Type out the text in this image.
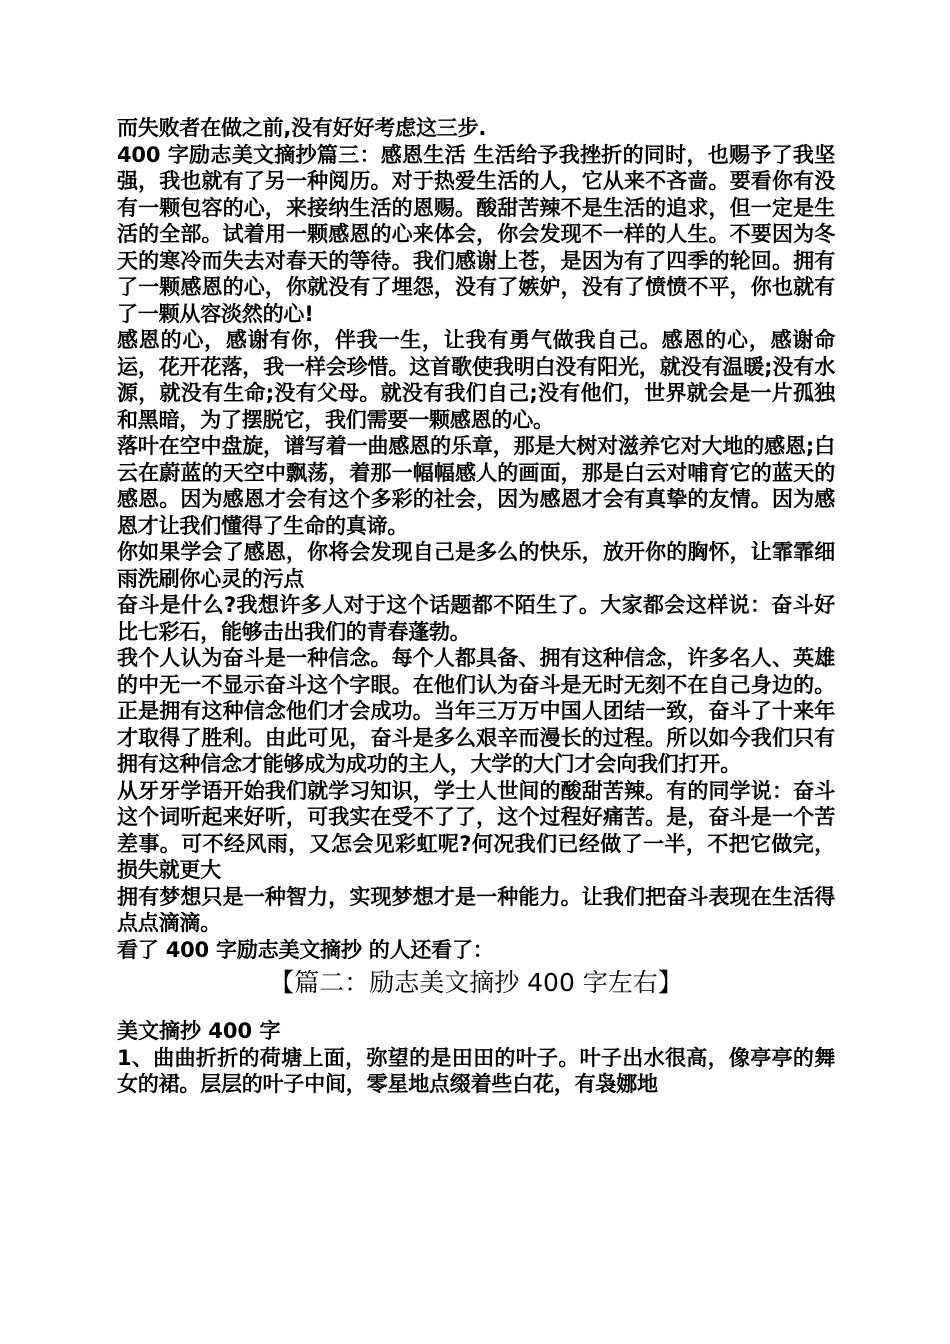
而失败者在做之前,没有好好考虑这三步.

400 字励志美文摘抄篇三：感恩生活 生活给予我挫折的同时，也赐予了我坚强，我也就有了另一种阅历。对于热爱生活的人，它从来不吝啬。要看你有没有一颗包容的心，来接纳生活的恩赐。酸甜苦辣不是生活的追求，但一定是生活的全部。试着用一颗感恩的心来体会，你会发现不一样的人生。不要因为冬天的寒冷而失去对春天的等待。我们感谢上苍，是因为有了四季的轮回。拥有了一颗感恩的心，你就没有了埋怨，没有了嫉妒，没有了愤愤不平，你也就有了一颗从容淡然的心!

感恩的心，感谢有你，伴我一生，让我有勇气做我自己。感恩的心，感谢命运，花开花落，我一样会珍惜。这首歌使我明白没有阳光，就没有温暖;没有水源，就没有生命;没有父母。就没有我们自己;没有他们，世界就会是一片孤独和黑暗，为了摆脱它，我们需要一颗感恩的心。

落叶在空中盘旋，谱写着一曲感恩的乐章，那是大树对滋养它对大地的感恩;白云在蔚蓝的天空中飘荡，着那一幅幅感人的画面，那是白云对哺育它的蓝天的感恩。因为感恩才会有这个多彩的社会，因为感恩才会有真挚的友情。因为感恩才让我们懂得了生命的真谛。

你如果学会了感恩，你将会发现自己是多么的快乐，放开你的胸怀，让霏霏细雨洗刷你心灵的污点

奋斗是什么?我想许多人对于这个话题都不陌生了。大家都会这样说：奋斗好比七彩石，能够击出我们的青春蓬勃。

我个人认为奋斗是一种信念。每个人都具备、拥有这种信念，许多名人、英雄的中无一不显示奋斗这个字眼。在他们认为奋斗是无时无刻不在自己身边的。正是拥有这种信念他们才会成功。当年三万万中国人团结一致，奋斗了十来年才取得了胜利。由此可见，奋斗是多么艰辛而漫长的过程。所以如今我们只有拥有这种信念才能够成为成功的主人，大学的大门才会向我们打开。

从牙牙学语开始我们就学习知识，学士人世间的酸甜苦辣。有的同学说：奋斗这个词听起来好听，可我实在受不了了，这个过程好痛苦。是，奋斗是一个苦差事。可不经风雨，又怎会见彩虹呢?何况我们已经做了一半，不把它做完，损失就更大

拥有梦想只是一种智力，实现梦想才是一种能力。让我们把奋斗表现在生活得点点滴滴。

看了 400 字励志美文摘抄 的人还看了：

【篇二：励志美文摘抄 400 字左右】

美文摘抄 400 字

1、曲曲折折的荷塘上面，弥望的是田田的叶子。叶子出水很高，像亭亭的舞女的裙。层层的叶子中间，零星地点缀着些白花，有袅娜地
